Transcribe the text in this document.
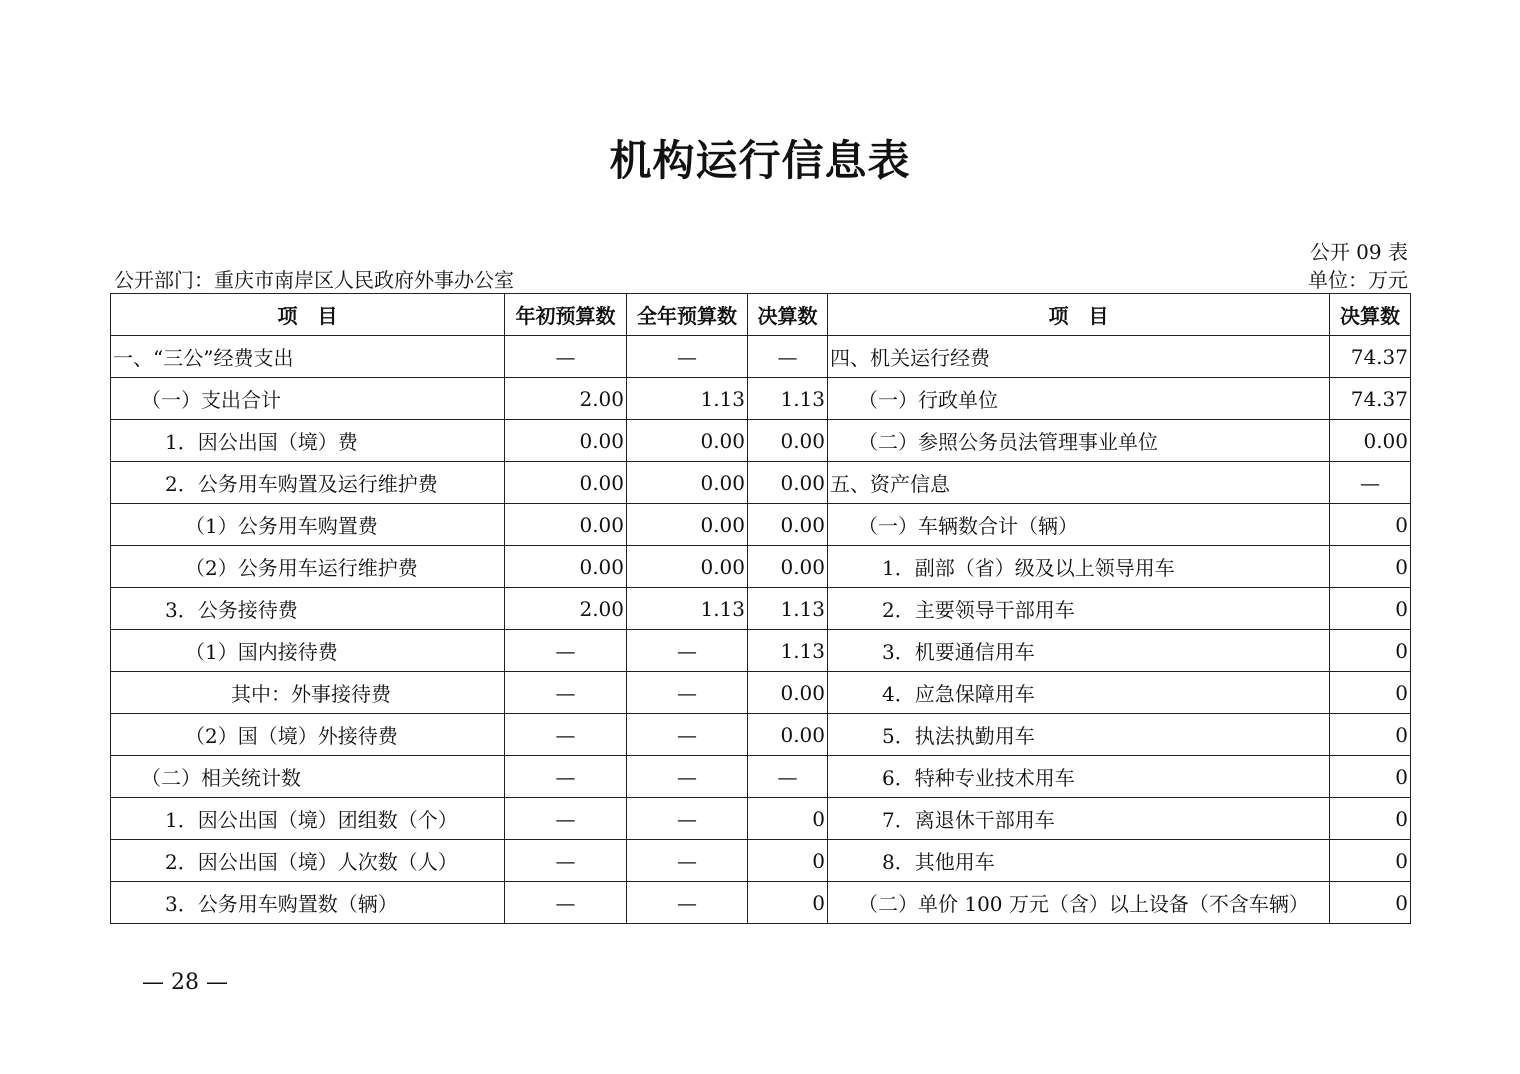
机构运行信息表
公开 09 表
公开部门：重庆市南岸区人民政府外事办公室	单位：万元
项　目	年初预算数	全年预算数	决算数	项　目	决算数
一、“三公”经费支出	—	—	—	四、机关运行经费	74.37
（一）支出合计	2.00	1.13	1.13	（一）行政单位	74.37
1．因公出国（境）费	0.00	0.00	0.00	（二）参照公务员法管理事业单位	0.00
2．公务用车购置及运行维护费	0.00	0.00	0.00	五、资产信息	—
（1）公务用车购置费	0.00	0.00	0.00	（一）车辆数合计（辆）	0
（2）公务用车运行维护费	0.00	0.00	0.00	1．副部（省）级及以上领导用车	0
3．公务接待费	2.00	1.13	1.13	2．主要领导干部用车	0
（1）国内接待费	—	—	1.13	3．机要通信用车	0
其中：外事接待费	—	—	0.00	4．应急保障用车	0
（2）国（境）外接待费	—	—	0.00	5．执法执勤用车	0
（二）相关统计数	—	—	—	6．特种专业技术用车	0
1．因公出国（境）团组数（个）	—	—	0	7．离退休干部用车	0
2．因公出国（境）人次数（人）	—	—	0	8．其他用车	0
3．公务用车购置数（辆）	—	—	0	（二）单价 100 万元（含）以上设备（不含车辆）	0
— 28 —
